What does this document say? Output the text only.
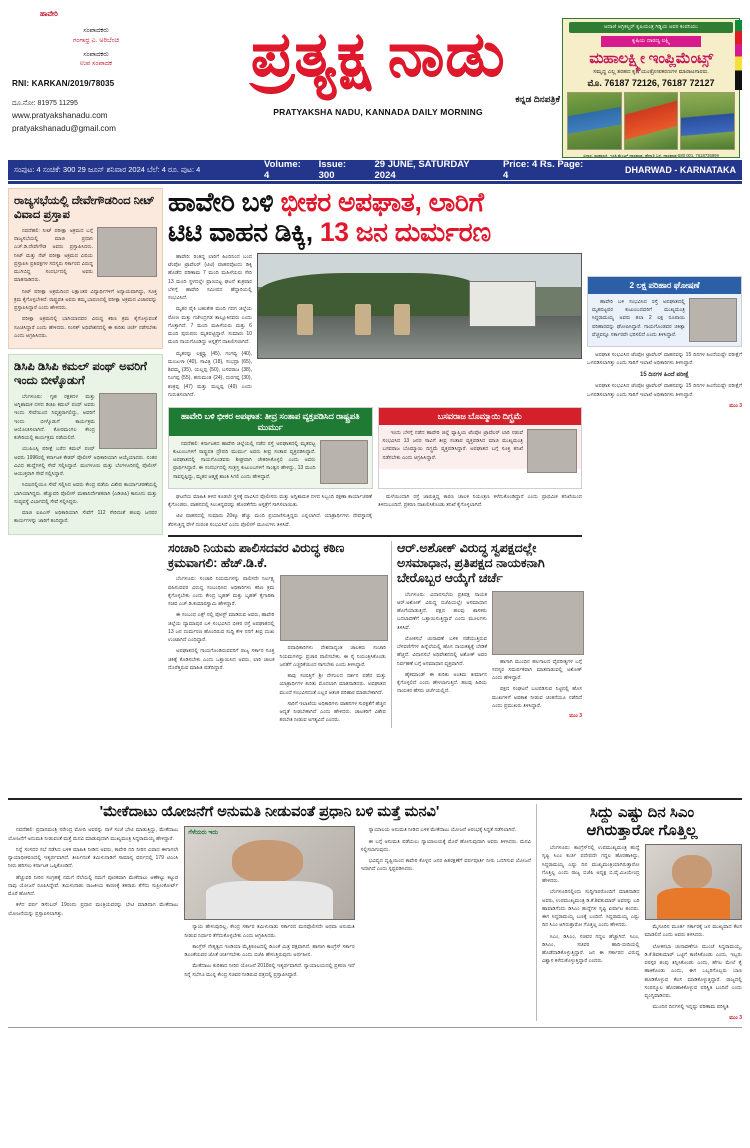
ಹಾವೇರಿ
ಸಂಪಾದಕರು
ಗಂಗಾಧ್ರ ಎ. ಅರಿಬೆಂಚಿ
ಸಂಪಾದಕರು
ಉಪ ಸಂಪಾದಕ
RNI: KARKAN/2019/78035
ದೂ.ನೋ: 81975 11295
www.pratyakshanadu.com
pratyakshanadu@gmail.com
ಪ್ರತ್ಯಕ್ಷ ನಾಡು
ಕನ್ನಡ ದಿನಪತ್ರಿಕೆ
PRATYAKSHA NADU, KANNADA DAILY MORNING
ಅದಾಣಿ ಅಗ್ರಿಕಲ್ಚರ್ ಕೃಷಿಯಂತ್ರ ಗಿಡ್ಡಿಯ ಅವರ ಕಂಪನಿಯು
ಕೃಷಿಯ ದಾರಣ್ಯ ಲಕ್ಷ್ಮಿ
ಮಹಾಲಕ್ಷ್ಮೀ ಇಂಪ್ಲಿಮೆಂಟ್ಸ್
ಸಮೃದ್ಧ ಎಲ್ಲ ತರಹದ ಕೃಷಿ ಯಂತ್ರೋಪಕರಣಗಳ ಮಾರಾಟಗಾರರು.
ಮೊ. 76187 72126, 76187 72127
ವಿಳಾಸ: ಮಹಾಲಕ್ಷ್ಮಿ ಇಂಪ್ಲಿಮೆಂಟ್ಸ್ ಧಾರವಾಡ, ಹೆದ್ದಾರಿ ಬಳಿ, ಧಾರವಾಡ-580 001, 7618736999
ಸಂಪುಟ: 4 ಸಂಚಿಕೆ: 300 29 ಜೂನ್ ಶನಿವಾರ 2024 ಬೆಲೆ: 4 ರೂ. ಪುಟ: 4	Volume: 4
Issue: 300
29 JUNE, SATURDAY 2024
Price: 4 Rs. Page: 4	DHARWAD - KARNATAKA
ರಾಜ್ಯಸಭೆಯಲ್ಲಿ ದೇವೇಗೌಡರಿಂದ ನೀಟ್ ವಿವಾದ ಪ್ರಸ್ತಾಪ

ನವದೆಹಲಿ: ನೀಟ್ ಪರೀಕ್ಷಾ ಅಕ್ರಮದ ಬಗ್ಗೆ ರಾಜ್ಯಸಭೆಯಲ್ಲಿ ಮಾಜಿ ಪ್ರಧಾನಿ ಎಚ್.ಡಿ.ದೇವೇಗೌಡ ಅವರು ಪ್ರಸ್ತಾಪಿಸಿದರು. ನೀಟ್ ಮತ್ತು ನೆಟ್ ಪರೀಕ್ಷಾ ಅಕ್ರಮದ ವಿಷಯ ಪ್ರಸ್ತಾಪಿಸಿ ಪ್ರತಿಪಕ್ಷಗಳ ಸದಸ್ಯರು ಸರ್ಕಾರದ ವಿರುದ್ಧ ಮುಗಿಬಿದ್ದ ಸಂದರ್ಭದಲ್ಲಿ ಅವರು ಮಾತನಾಡಿದರು.

ನೀಟ್ ಪರೀಕ್ಷಾ ಅಕ್ರಮದಿಂದ ಲಕ್ಷಾಂತರ ವಿದ್ಯಾರ್ಥಿಗಳಿಗೆ ಅನ್ಯಾಯವಾಗಿದ್ದು, ಸೂಕ್ತ ಕ್ರಮ ಕೈಗೊಳ್ಳಬೇಕಿದೆ. ರಾಷ್ಟ್ರಪತಿ ಅವರು ತಮ್ಮ ಭಾಷಣದಲ್ಲಿ ಪರೀಕ್ಷಾ ಅಕ್ರಮದ ವಿಚಾರವನ್ನು ಪ್ರಸ್ತಾಪಿಸಿದ್ದಾರೆ ಎಂದು ಹೇಳಿದರು.

ಪರೀಕ್ಷಾ ಅಕ್ರಮದಲ್ಲಿ ಭಾಗಿಯಾದವರ ವಿರುದ್ಧ ಕಠಿಣ ಕ್ರಮ ಕೈಗೊಳ್ಳುವಂತೆ ಸೂಚಿಸಿದ್ದಾರೆ ಎಂದು ಹೇಳಿದರು. ಸಂಸತ್ ಅಧಿವೇಶನದಲ್ಲಿ ಈ ಕುರಿತು ಚರ್ಚೆ ನಡೆಸಬೇಕು ಎಂದು ಆಗ್ರಹಿಸಿದರು.

ಡಿಸಿಪಿ ಡಿಸಿಪಿ ಕಮಲ್ ಪಂಥ್ ಅವರಿಗೆ ಇಂದು ಬೀಳ್ಕೊಡುಗೆ

ಬೆಂಗಳೂರು: ಗೃಹ ರಕ್ಷಕದಳ ಮತ್ತು ಅಗ್ನಿಶಾಮಕ ದಳದ ಡಿಜಿಪಿ ಕಮಲ್ ಪಂಥ್ ಅವರು ಇಂದು ಸೇವೆಯಿಂದ ನಿವೃತ್ತರಾಗಲಿದ್ದು, ಅವರಿಗೆ ಇಂದು ಬೀಳ್ಕೊಡುಗೆ ಕಾರ್ಯಕ್ರಮ ಆಯೋಜಿಸಲಾಗಿದೆ. ಕೋರಮಂಗಲ ಕೇಂದ್ರ ಕಚೇರಿಯಲ್ಲಿ ಕಾರ್ಯಕ್ರಮ ನಡೆಯಲಿದೆ.

ಯುಪಿಎಸ್ಸಿ ಪರೀಕ್ಷೆ ಬರೆದ ಕಮಲ್ ಪಂಥ್ ಅವರು 1996ರಲ್ಲಿ ಕರ್ನಾಟಕ ಕೇಡರ್ ಪೊಲೀಸ್ ಅಧಿಕಾರಿಯಾಗಿ ಆಯ್ಕೆಯಾದರು. ನಂತರ ವಿವಿಧ ಹುದ್ದೆಗಳಲ್ಲಿ ಸೇವೆ ಸಲ್ಲಿಸಿದ್ದಾರೆ. ಮಂಗಳೂರು ಮತ್ತು ಬೆಂಗಳೂರಿನಲ್ಲಿ ಪೊಲೀಸ್ ಆಯುಕ್ತರಾಗಿ ಸೇವೆ ಸಲ್ಲಿಸಿದ್ದಾರೆ.

ಸಿಬಿಐನಲ್ಲಿಯೂ ಸೇವೆ ಸಲ್ಲಿಸಿದ ಅವರು ಕೇಂದ್ರ ಪಡೆಯ ವಿಶೇಷ ಕಾರ್ಯಾಚರಣೆಯಲ್ಲಿ ಭಾಗಿಯಾಗಿದ್ದರು. ಹೆಚ್ಚುವರಿ ಪೊಲೀಸ್ ಮಹಾನಿರ್ದೇಶಕರಾಗಿ (ಎಡಿಜಿಪಿ) ಕಾನೂನು ಮತ್ತು ಸುವ್ಯವಸ್ಥೆ ವಿಭಾಗದಲ್ಲಿ ಸೇವೆ ಸಲ್ಲಿಸಿದ್ದರು.

ಮಾಜಿ ಐಪಿಎಸ್ ಅಧಿಕಾರಿಯಾಗಿ ಸೇವೆಗೆ 112 ಸೇರಿದಂತೆ ಹಲವು ಜನಪರ ಕಾರ್ಯಗಳನ್ನು ಜಾರಿಗೆ ತಂದಿದ್ದಾರೆ.

ಹಾವೇರಿ ಬಳಿ ಭೀಕರ ಅಪಘಾತ, ಲಾರಿಗೆ
ಟಿಟಿ ವಾಹನ ಡಿಕ್ಕಿ, 13 ಜನ ದುರ್ಮರಣ

ಹಾವೇರಿ: ರಿಂತಿದ್ದ ಲಾರಿಗೆ ಹಿಂದಿನಿಂದ ಬಂದ ಟೆಂಪೋ ಟ್ರಾವೆಲರ್ (ಟಿಟಿ) ವಾಹನವೊಂದು ಡಿಕ್ಕಿ ಹೊಡೆದ ಪರಿಣಾಮ 7 ಮಂದಿ ಮಹಿಳೆಯರು ಸೇರಿ 13 ಮಂದಿ ಸ್ಥಳದಲ್ಲೇ ಪ್ರಾಣಬಿಟ್ಟ ಘಟನೆ ಶುಕ್ರವಾರ ಬೆಳಗ್ಗೆ ಹಾವೇರಿ ಸಮೀಪದ ಹೆದ್ದಾರಿಯಲ್ಲಿ ಸಂಭವಿಸಿದೆ.

ಮೃತರ ಪೈಕಿ ಬಹುತೇಕ ಮಂದಿ ಗದಗ ಜಿಲ್ಲೆಯ ರೋಣ ಮತ್ತು ಗಜೇಂದ್ರಗಡ ತಾಲ್ಲೂಕಿನವರು ಎಂದು ಗೊತ್ತಾಗಿದೆ. 7 ಮಂದಿ ಮಹಿಳೆಯರು ಮತ್ತು 6 ಮಂದಿ ಪುರುಷರು ಮೃತಪಟ್ಟಿದ್ದಾರೆ. ಸುಮಾರು 10 ಮಂದಿ ಗಾಯಗೊಂಡಿದ್ದು ಆಸ್ಪತ್ರೆಗೆ ದಾಖಲಿಸಲಾಗಿದೆ.

ಮೃತರನ್ನು ಲಕ್ಷ್ಮವ್ವ (45), ಗಂಗವ್ವ (40), ಮಂಜುಳಾ (40), ಸಾವಿತ್ರಿ (18), ಸುಭದ್ರಾ (65), ಶಿವಮ್ಮ (35), ಯಲ್ಲಪ್ಪ (50), ಬಸವರಾಜ (38), ನಿಂಗಪ್ಪ (55), ಹನುಮಂತ (24), ದುರಗಪ್ಪ (30), ಶಂಕ್ರಪ್ಪ (47) ಮತ್ತು ಮಲ್ಲಪ್ಪ (49) ಎಂದು ಗುರುತಿಸಲಾಗಿದೆ.

ಹಾವೇರಿ ಬಳಿ ಭೀಕರ ಅಪಘಾತ: ತೀವ್ರ ಸಂತಾಪ ವ್ಯಕ್ತಪಡಿಸಿದ ರಾಷ್ಟ್ರಪತಿ ಮುರ್ಮು

ನವದೆಹಲಿ: ಕರ್ನಾಟಕದ ಹಾವೇರಿ ಜಿಲ್ಲೆಯಲ್ಲಿ ನಡೆದ ರಸ್ತೆ ಅಪಘಾತದಲ್ಲಿ ಮೃತಪಟ್ಟ ಕುಟುಂಬಗಳಿಗೆ ರಾಷ್ಟ್ರಪತಿ ದ್ರೌಪದಿ ಮುರ್ಮು ಅವರು ತೀವ್ರ ಸಂತಾಪ ವ್ಯಕ್ತಪಡಿಸಿದ್ದಾರೆ. ಅಪಘಾತದಲ್ಲಿ ಗಾಯಗೊಂಡವರು ಶೀಘ್ರವಾಗಿ ಚೇತರಿಸಿಕೊಳ್ಳಲಿ ಎಂದು ಅವರು ಪ್ರಾರ್ಥಿಸಿದ್ದಾರೆ. ಈ ಸಂದರ್ಭದಲ್ಲಿ ಸಂತ್ರಸ್ತ ಕುಟುಂಬಗಳಿಗೆ ಸಾಂತ್ವನ ಹೇಳಿದ್ದು, 13 ಮಂದಿ ಸಾವನ್ನಪ್ಪಿದ್ದು, ಮೃತರ ಆತ್ಮಕ್ಕೆ ಶಾಂತಿ ಸಿಗಲಿ ಎಂದು ಹೇಳಿದ್ದಾರೆ.

ಬಸವರಾಜ ಬೊಮ್ಮಾಯಿ ದಿಗ್ಭ್ರಮೆ

ಇಂದು ಬೆಳಗ್ಗೆ ನಡೆದ ಹಾವೇರಿ ಜಿಲ್ಲೆ ವ್ಯಾಪ್ತಿಯ ಟೆಂಪೋ ಟ್ರಾವೆಲರ್ ಲಾರಿ ನಡುವೆ ಸಂಭವಿಸಿದ 13 ಜನರ ಸಾವಿಗೆ ತೀವ್ರ ಸಂತಾಪ ವ್ಯಕ್ತಪಡಿಸಿದ ಮಾಜಿ ಮುಖ್ಯಮಂತ್ರಿ ಬಸವರಾಜ ಬೊಮ್ಮಾಯಿ ದಿಗ್ಭ್ರಮೆ ವ್ಯಕ್ತಪಡಿಸಿದ್ದಾರೆ. ಅಪಘಾತದ ಬಗ್ಗೆ ಸೂಕ್ತ ತನಿಖೆ ನಡೆಸಬೇಕು ಎಂದು ಆಗ್ರಹಿಸಿದ್ದಾರೆ.

ಘಟನೆಯ ಮಾಹಿತಿ ತಿಳಿದ ಕೂಡಲೇ ಸ್ಥಳಕ್ಕೆ ಧಾವಿಸಿದ ಪೊಲೀಸರು ಮತ್ತು ಅಗ್ನಿಶಾಮಕ ದಳದ ಸಿಬ್ಬಂದಿ ರಕ್ಷಣಾ ಕಾರ್ಯಾಚರಣೆ ಕೈಗೊಂಡರು. ವಾಹನದಲ್ಲಿ ಸಿಲುಕಿದ್ದವರನ್ನು ಹೊರತೆಗೆದು ಆಸ್ಪತ್ರೆಗೆ ಸಾಗಿಸಲಾಯಿತು.

ಟಿಟಿ ವಾಹನದಲ್ಲಿ ಸುಮಾರು 20ಕ್ಕೂ ಹೆಚ್ಚು ಮಂದಿ ಪ್ರಯಾಣಿಸುತ್ತಿದ್ದರು ಎನ್ನಲಾಗಿದೆ. ಯಾತ್ರಾರ್ಥಿಗಳು ದೇವಸ್ಥಾನಕ್ಕೆ ತೆರಳುತ್ತಿದ್ದ ವೇಳೆ ದುರಂತ ಸಂಭವಿಸಿದೆ ಎಂದು ಪೊಲೀಸ್ ಮೂಲಗಳು ತಿಳಿಸಿವೆ.

ಮಳೆಯಿಂದಾಗಿ ರಸ್ತೆ ಜಾರುತ್ತಿದ್ದ ಕಾರಣ ಚಾಲಕ ನಿಯಂತ್ರಣ ಕಳೆದುಕೊಂಡಿದ್ದಾನೆ ಎಂದು ಪ್ರಾಥಮಿಕ ತನಿಖೆಯಿಂದ ತಿಳಿದುಬಂದಿದೆ. ಪ್ರಕರಣ ದಾಖಲಿಸಿಕೊಂಡು ತನಿಖೆ ಕೈಗೊಳ್ಳಲಾಗಿದೆ.

ಸಂಚಾರಿ ನಿಯಮ ಪಾಲಿಸದವರ ವಿರುದ್ಧ ಕಠಿಣ ಕ್ರಮವಾಗಲಿ: ಹೆಚ್.ಡಿ.ಕೆ.

ಬೆಂಗಳೂರು: ಸಂಚಾರಿ ನಿಯಮಗಳನ್ನು ಪಾಲಿಸದೇ ನಿರ್ಲಕ್ಷ್ಯ ವಹಿಸುವವರ ವಿರುದ್ಧ ಸಂಬಂಧಿಸಿದ ಅಧಿಕಾರಿಗಳು ಕಠಿಣ ಕ್ರಮ ಕೈಗೊಳ್ಳಬೇಕು ಎಂದು ಕೇಂದ್ರ ಬೃಹತ್ ಮತ್ತು ಬೃಹತ್ ಕೈಗಾರಿಕಾ ಸಚಿವ ಎಚ್.ಡಿ.ಕುಮಾರಸ್ವಾಮಿ ಹೇಳಿದ್ದಾರೆ.

ಈ ಸಂಬಂಧ ಎಕ್ಸ್ ನಲ್ಲಿ ಪೋಸ್ಟ್ ಮಾಡಿರುವ ಅವರು, ಹಾವೇರಿ ಜಿಲ್ಲೆಯ ದ್ಯಾಮಾಪುರ ಬಳಿ ಸಂಭವಿಸಿದ ಭೀಕರ ರಸ್ತೆ ಅಪಘಾತದಲ್ಲಿ 13 ಜನ ದುರ್ಮರಣ ಹೊಂದಿರುವ ಸುದ್ದಿ ಕೇಳಿ ನನಗೆ ತೀವ್ರ ದುಃಖ ಉಂಟಾಗಿದೆ ಎಂದಿದ್ದಾರೆ.

ಅಪಘಾತದಲ್ಲಿ ಗಾಯಗೊಂಡಿರುವವರಿಗೆ ರಾಜ್ಯ ಸರ್ಕಾರ ಸೂಕ್ತ ಚಿಕಿತ್ಸೆ ಕೊಡಿಸಬೇಕು ಎಂದು ಒತ್ತಾಯಿಸಿದ ಅವರು, ಲಾರಿ ಚಾಲಕ ದೊರೆತ್ತಿರುವ ಮಾಹಿತಿ ಪಡೆದಿದ್ದಾರೆ.

ಪದಾಧಿಕಾರಿಗಳು ದೇಶದಾದ್ಯಂತ ಚಾಲಕರು ಸಂಚಾರಿ ನಿಯಮಗಳನ್ನು ಪ್ರಚಾರ ಪಾಲಿಸಬೇಕು. ಈ ಸೈ ನಿಯಂತ್ರಿಸಿಕೊಂಡು ಜನತೆಗೆ ಎಚ್ಚರಿಕೆಯಿಂದ ಸಾಗಬೇಕು ಎಂದು ತಿಳಿಸಿದ್ದಾರೆ.

ತಾವು ಸಂಪತ್ತಿಗೆ ಶ್ರೀ ದೇಗುಲದ ದರ್ಶನ ಪಡೆದ ಮತ್ತು ಯಾತ್ರಾರ್ಥಿಗಳ ಕುರಿತು ಮೊದಲಾಗಿ ಮಾತನಾಡಿದರು. ಅಪಘಾತದ ಮುಂದೆ ಸಂಭವಿಸದಂತೆ ಎಲ್ಲರ ಆತಂಕ ಪರಿಹಾರ ಮಾಡಬೇಕಾಗಿದೆ.

ಸಾರಿಗೆ ಇಲಾಖೆಯ ಅಧಿಕಾರಿಗಳು ವಾಹನಗಳ ಸುರಕ್ಷತೆಗೆ ಹೆಚ್ಚಿನ ಆದ್ಯತೆ ನೀಡಬೇಕಾಗಿದೆ ಎಂದು ಹೇಳಿದರು. ಚಾಲಕರಿಗೆ ವಿಶೇಷ ತರಬೇತಿ ನೀಡುವ ಅಗತ್ಯವಿದೆ ಎಂದರು.

ಆರ್.ಅಶೋಕ್ ವಿರುದ್ಧ ಸ್ವಪಕ್ಷದಲ್ಲೇ ಅಸಮಾಧಾನ, ಪ್ರತಿಪಕ್ಷದ ನಾಯಕನಾಗಿ ಬೇರೊಬ್ಬರ ಆಯ್ಕೆಗೆ ಚರ್ಚೆ

ಬೆಂಗಳೂರು: ವಿಧಾನಸಭೆಯ ಪ್ರತಿಪಕ್ಷ ನಾಯಕ ಆರ್.ಅಶೋಕ್ ವಿರುದ್ಧ ಬಿಜೆಪಿಯಲ್ಲೇ ಅಸಮಾಧಾನ ಹೊಗೆಯಾಡುತ್ತಿದೆ. ಪಕ್ಷದ ಹಲವು ಶಾಸಕರು ಬದಲಾವಣೆಗೆ ಒತ್ತಾಯಿಸುತ್ತಿದ್ದಾರೆ ಎಂದು ಮೂಲಗಳು ತಿಳಿಸಿವೆ.

ಲೋಕಸಭೆ ಚುನಾವಣೆ ಬಳಿಕ ನಡೆಯುತ್ತಿರುವ ಬೆಳವಣಿಗೆಗಳ ಹಿನ್ನೆಲೆಯಲ್ಲಿ ಹೊಸ ನಾಯಕತ್ವಕ್ಕೆ ಬೇಡಿಕೆ ಹೆಚ್ಚಿದೆ. ವಿಧಾನಸಭೆ ಅಧಿವೇಶನದಲ್ಲಿ ಅಶೋಕ್ ಅವರ ನಿರ್ವಹಣೆ ಬಗ್ಗೆ ಅಸಮಾಧಾನ ವ್ಯಕ್ತವಾಗಿದೆ.

ಹೈಕಮಾಂಡ್ ಈ ಕುರಿತು ಅಂತಿಮ ತೀರ್ಮಾನ ಕೈಗೊಳ್ಳಲಿದೆ ಎಂದು ಹೇಳಲಾಗುತ್ತಿದೆ. ಹಲವು ಹಿರಿಯ ನಾಯಕರ ಹೆಸರು ಚರ್ಚೆಯಲ್ಲಿದೆ.

ಹಾಗಾಗಿ ಮುಂದಿನ ಹಲಗಾಲದ ವೈಪರೀತ್ಯಗಳ ಬಗ್ಗೆ ಸದಸ್ಯರ ಸಮರ್ಪಕವಾಗಿ ಮಾತನಾಡುವಲ್ಲಿ ಅಶೋಕ್ ಎಂದು ಹೇಳಿದ್ದಾರೆ.

ಪಕ್ಷದ ಸಂಘಟನೆ ಬಲಪಡಿಸುವ ನಿಟ್ಟಿನಲ್ಲಿ ಹೊಸ ಮುಖಗಳಿಗೆ ಅವಕಾಶ ನೀಡುವ ಚಿಂತನೆಯೂ ನಡೆದಿದೆ ಎಂದು ಪ್ರಮುಖರು ತಿಳಿಸಿದ್ದಾರೆ.

ಮುಂ 3
2 ಲಕ್ಷ ಪರಿಹಾರ ಘೋಷಣೆ

ಹಾವೇರಿ ಬಳಿ ಸಂಭವಿಸಿದ ರಸ್ತೆ ಅಪಘಾತದಲ್ಲಿ ಮೃತಪಟ್ಟವರ ಕುಟುಂಬದವರಿಗೆ ಮುಖ್ಯಮಂತ್ರಿ ಸಿದ್ದರಾಮಯ್ಯ ಅವರು ತಲಾ 2 ಲಕ್ಷ ರೂಪಾಯಿ ಪರಿಹಾರವನ್ನು ಘೋಷಿಸಿದ್ದಾರೆ. ಗಾಯಗೊಂಡವರ ಚಿಕಿತ್ಸಾ ವೆಚ್ಚವನ್ನೂ ಸರ್ಕಾರವೇ ಭರಿಸಲಿದೆ ಎಂದು ತಿಳಿಸಿದ್ದಾರೆ.

ಅಪಘಾತ ಸಂಭವಿಸಿದ ಟೆಂಪೋ ಟ್ರಾವೆಲರ್ ವಾಹನವನ್ನು 15 ದಿನಗಳ ಹಿಂದೆಯಷ್ಟೇ ಪರೀಕ್ಷೆಗೆ ಒಳಪಡಿಸಲಾಗಿತ್ತು ಎಂದು ಸಾರಿಗೆ ಇಲಾಖೆ ಅಧಿಕಾರಿಗಳು ತಿಳಿಸಿದ್ದಾರೆ.

15 ದಿನಗಳ ಹಿಂದೆ ಪರೀಕ್ಷೆ

ಅಪಘಾತ ಸಂಭವಿಸಿದ ಟೆಂಪೋ ಟ್ರಾವೆಲರ್ ವಾಹನವನ್ನು 15 ದಿನಗಳ ಹಿಂದೆಯಷ್ಟೇ ಪರೀಕ್ಷೆಗೆ ಒಳಪಡಿಸಲಾಗಿತ್ತು ಎಂದು ಸಾರಿಗೆ ಇಲಾಖೆ ಅಧಿಕಾರಿಗಳು ತಿಳಿಸಿದ್ದಾರೆ.

ಮುಂ 3
'ಮೇಕೆದಾಟು ಯೋಜನೆಗೆ ಅನುಮತಿ ನೀಡುವಂತೆ ಪ್ರಧಾನಿ ಬಳಿ ಮತ್ತೆ ಮನವಿ'

ನವದೆಹಲಿ: ಪ್ರಧಾನಮಂತ್ರಿ ನರೇಂದ್ರ ಮೋದಿ ಅವರನ್ನು ನಾಳೆ ಸಂಜೆ ಭೇಟಿ ಮಾಡುತ್ತಿದ್ದು, ಮೇಕೆದಾಟು ಯೋಜನೆಗೆ ಅನುಮತಿ ನೀಡುವಂತೆ ಮತ್ತೆ ಮನವಿ ಮಾಡುವುದಾಗಿ ಮುಖ್ಯಮಂತ್ರಿ ಸಿದ್ದರಾಮಯ್ಯ ಹೇಳಿದ್ದಾರೆ.

ನಿನ್ನೆ ಸಂಸದರ ಸಭೆ ನಡೆಸಿದ ಬಳಿಕ ಮಾಹಿತಿ ನೀಡಿದ ಅವರು, ಕಾವೇರಿ ನದಿ ನೀರಿನ ವಿವಾದ ಈಗಾಗಲೇ ನ್ಯಾಯಾಧೀಕರಣದಲ್ಲಿ ಇತ್ಯರ್ಥವಾಗಿದೆ. ತೀರ್ಪಿನಂತೆ ತಮಿಳುನಾಡಿಗೆ ಸಾಮಾನ್ಯ ವರ್ಷದಲ್ಲಿ 179 ಟಿಎಂಸಿ ನೀರು ಹರಿಸಲು ಕರ್ನಾಟಕ ಒಪ್ಪಿಕೊಂಡಿದೆ.

ಹೆಚ್ಚುವರಿ ನೀರಿನ ಸಂಗ್ರಹಕ್ಕೆ ನಮಗೆ ನೆಲೆಯಲ್ಲಿ ನಮಗೆ ಪೂರಕವಾಗಿ ಮೇಕೆದಾಟು ಆಣೆಕಟ್ಟು ಕಟ್ಟುವ ನಾವು ಯೋಜನೆ ರೂಪಿಸಿದ್ದೇವೆ. ತಮಿಳುನಾಡು ರಾಜಕೀಯ ಕಾರಣಕ್ಕೆ ತಕರಾರು ತೆಗೆದು ಸುಪ್ರೀಂಕೋರ್ಟ್ ಮೊರೆ ಹೋಗಿದೆ.

ಕಳೆದ ವರ್ಷ ಡಿಸೆಂಬರ್ 19ರಂದು ಪ್ರಧಾನ ಮಂತ್ರಿಯವರನ್ನು ಭೇಟಿ ಮಾಡಿದಾಗ ಮೇಕೆದಾಟು ಯೋಜನೆಯನ್ನು ಪ್ರಸ್ತಾಪಿಸಲಾಗಿತ್ತು.

ಗೆಳೆಯರು ಇದು

ನ್ಯಾಯ ಹೇಳುವುದಿಲ್ಲ. ಕೇಂದ್ರ ಸರ್ಕಾರ ತಮಿಳುನಾಡು ಸರ್ಕಾರದ ಮನವೊಲಿಸದೇ ಅಥವಾ ಅನುಮತಿ ನೀಡುವ ನಿರ್ಧಾರ ತೆಗೆದುಕೊಳ್ಳಬೇಕು ಎಂದು ಆಗ್ರಹಿಸಿದರು.

ಕಾಂಗ್ರೆಸ್ ನೇತೃತ್ವದ ಇಂಡಿಯಾ ಮೈತ್ರಿಕೂಟದಲ್ಲಿ ಡಿಎಂಕೆ ಮಿತ್ರ ಪಕ್ಷವಾಗಿದೆ. ಹಾಗಾಗಿ ಕಾಂಗ್ರೆಸ್ ಸರ್ಕಾರ ಡಿಎಂಕೆಯವರ ಜೊತೆ ಚರ್ಚಿಸಬೇಕು ಎಂದು ಬಿಜೆಪಿ ಹೇಳುತ್ತಿರುವುದು ಅರ್ಥಹೀನ.

ಮೇಕೆದಾಟು ಕುರಿತಾದ ನೀರಿನ ಯೋಜನೆ 2018ರಲ್ಲಿ ಇತ್ಯರ್ಥವಾಗಿದೆ. ನ್ಯಾಯಾಲಯದಲ್ಲಿ ಪ್ರಕರಣ ಇದೆ ನಿನ್ನೆ ಸಭೆಗೂ ಮುನ್ನ ಕೇಂದ್ರ ಸಚಿವರ ನೀಡಿರುವ ಪತ್ರದಲ್ಲಿ ಪ್ರಸ್ತಾಪಿಸಿದ್ದಾರೆ.

ನ್ಯಾಯಾಲಯ ಅನುಮತಿ ನೀಡಿದ ಬಳಿಕ ಮೇಕೆದಾಟು ಯೋಜನೆ ಆರಂಭಕ್ಕೆ ಸಿದ್ಧತೆ ನಡೆಸಲಾಗಿದೆ.

ಈ ಬಗ್ಗೆ ಅನುಮತಿ ಪಡೆಯಲು ನ್ಯಾಯಾಲಯಕ್ಕೆ ಮೊರೆ ಹೋಗುವುದಾಗಿ ಅವರು ತಿಳಿಸಿದರು. ಮನವಿ ಸಲ್ಲಿಸಲಾಗುವುದು.

ಭವಿಷ್ಯದ ದೃಷ್ಟಿಯಿಂದ ಕಾವೇರಿ ಕೊಳ್ಳದ ಜನರ ಹಿತರಕ್ಷಣೆಗೆ ವರ್ಷಪೂರ್ತಿ ನೀರು ಒದಗಿಸುವ ಯೋಜನೆ ಇದಾಗಿದೆ ಎಂದು ಸ್ಪಷ್ಟಪಡಿಸಿದರು.

ಸಿದ್ದು ಎಷ್ಟು ದಿನ ಸಿಎಂ
ಆಗಿರುತ್ತಾರೋ ಗೊತ್ತಿಲ್ಲ

ಬೆಂಗಳೂರು: ಕಾಂಗ್ರೆಸ್‌ನಲ್ಲಿ ಉಪಮುಖ್ಯಮಂತ್ರಿ ಹುದ್ದೆ ಸೃಷ್ಟಿ ಸಿಎಂ ಕುರ್ಚಿ ಪದೇಪದೇ ಗದ್ದಲ ಹೊರಹಾಕಿದ್ದು, ಸಿದ್ದರಾಮಯ್ಯ ಎಷ್ಟು ದಿನ ಮುಖ್ಯಮಂತ್ರಿಯಾಗಿರುತ್ತಾರೋ ಗೊತ್ತಿಲ್ಲ ಎಂದು ರಾಜ್ಯ ಬಿಜೆಪಿ ಅಧ್ಯಕ್ಷ ಬಿ.ವೈ.ವಿಜಯೇಂದ್ರ ಹೇಳಿದರು.

ಬೆಂಗಳೂರಿನಲ್ಲಿಂದು ಸುದ್ದಿಗಾರರೊಂದಿಗೆ ಮಾತನಾಡಿದ ಅವರು, ಉಪಮುಖ್ಯಮಂತ್ರಿ ಡಿ.ಕೆ.ಶಿವಕುಮಾರ್ ಅವರನ್ನು ಬರಿ ಹಾವಾಡಿಗೆಂದು ಡಿಸಿಎಂ ಹುದ್ದೆಗಳ ಸೃಷ್ಟಿ ಏರ್ಪಾಟ ತಂದರು. ಈಗ ಸಿದ್ದರಾಮಯ್ಯ ಬಣಕ್ಕೆ ಬಂದಿದೆ. ಸಿದ್ದರಾಮಯ್ಯ ಎಷ್ಟು ದಿನ ಸಿಎಂ ಆಗಿರುತ್ತಾರೋ ಗೊತ್ತಿಲ್ಲ ಎಂದು ಹೇಳಿದರು.

ಸಿಎಂ, ಡಿಸಿಎಂ, ಸಚಿವರ ಗದ್ದಲ ಹೆಚ್ಚಾಗಿದೆ. ಸಿಎಂ, ಡಿಸಿಎಂ, ಸಚಿವರ ಹಾದಿ-ಬೀದಿಯಲ್ಲಿ ಹೊಡೆದಾಡಿಕೊಳ್ಳುತ್ತಿದ್ದಾರೆ. ಜನ ಈ ಸರ್ಕಾರದ ವಿರುದ್ಧ ವಿಶ್ವಾಸ ಕಳೆದುಕೊಳ್ಳುತ್ತಿದ್ದಾರೆ ಎಂದರು.

ಮೈಸೂರಿನ ಮೂರ್ತ ಸರ್ಕಾರಕ್ಕೆ ಜನ ಮುಖ್ಯವಾದ ಕೆಲಸ ಮಾಡಲಿದೆ ಎಂದು ಅವರು ತಿಳಿಸಿದರು.

ಲೋಕಸಭಾ ಚುನಾವಣೆಗೂ ಮುಂಚೆ ಸಿದ್ದರಾಮಯ್ಯ, ಡಿ.ಕೆ.ಶಿವಕುಮಾರ್ ಒಟ್ಟಿಗೆ ಕಾಣಿಸಿಕೊಂಡು ಎಂದು, ಇಬ್ಬರು ಪರಸ್ಪರ ತಂಪು ತಿನ್ನಿಸಿಕೊಂಡು ಎಂದು, ಹೆಗಲ ಮೇಲೆ ಕೈ ಹಾಕಿಕೊಂಡು ಎಂದು, ಈಗ ಒಬ್ಬರಿಗೊಬ್ಬರು ಬಾಣ ಹೂಡಿಕೊಳ್ಳುವ ಕೆಲಸ ಮಾಡಿಕೊಳ್ಳುತ್ತಿದ್ದಾರೆ. ರಾಜ್ಯದಲ್ಲಿ ಸಂಪನ್ಮೂಲ ಹೊರಹಾಕಿಕೊಳ್ಳುವ ಪರಿಸ್ಥಿತಿ ಬಂದಿದೆ ಎಂದು ವ್ಯಂಗ್ಯವಾಡಿದರು.

ಮುಂದಿನ ದಿನಗಳಲ್ಲಿ ಇನ್ನಷ್ಟು ಪರಿಣಾಮ ಪರಿಸ್ಥಿತಿ

ಮುಂ 3
